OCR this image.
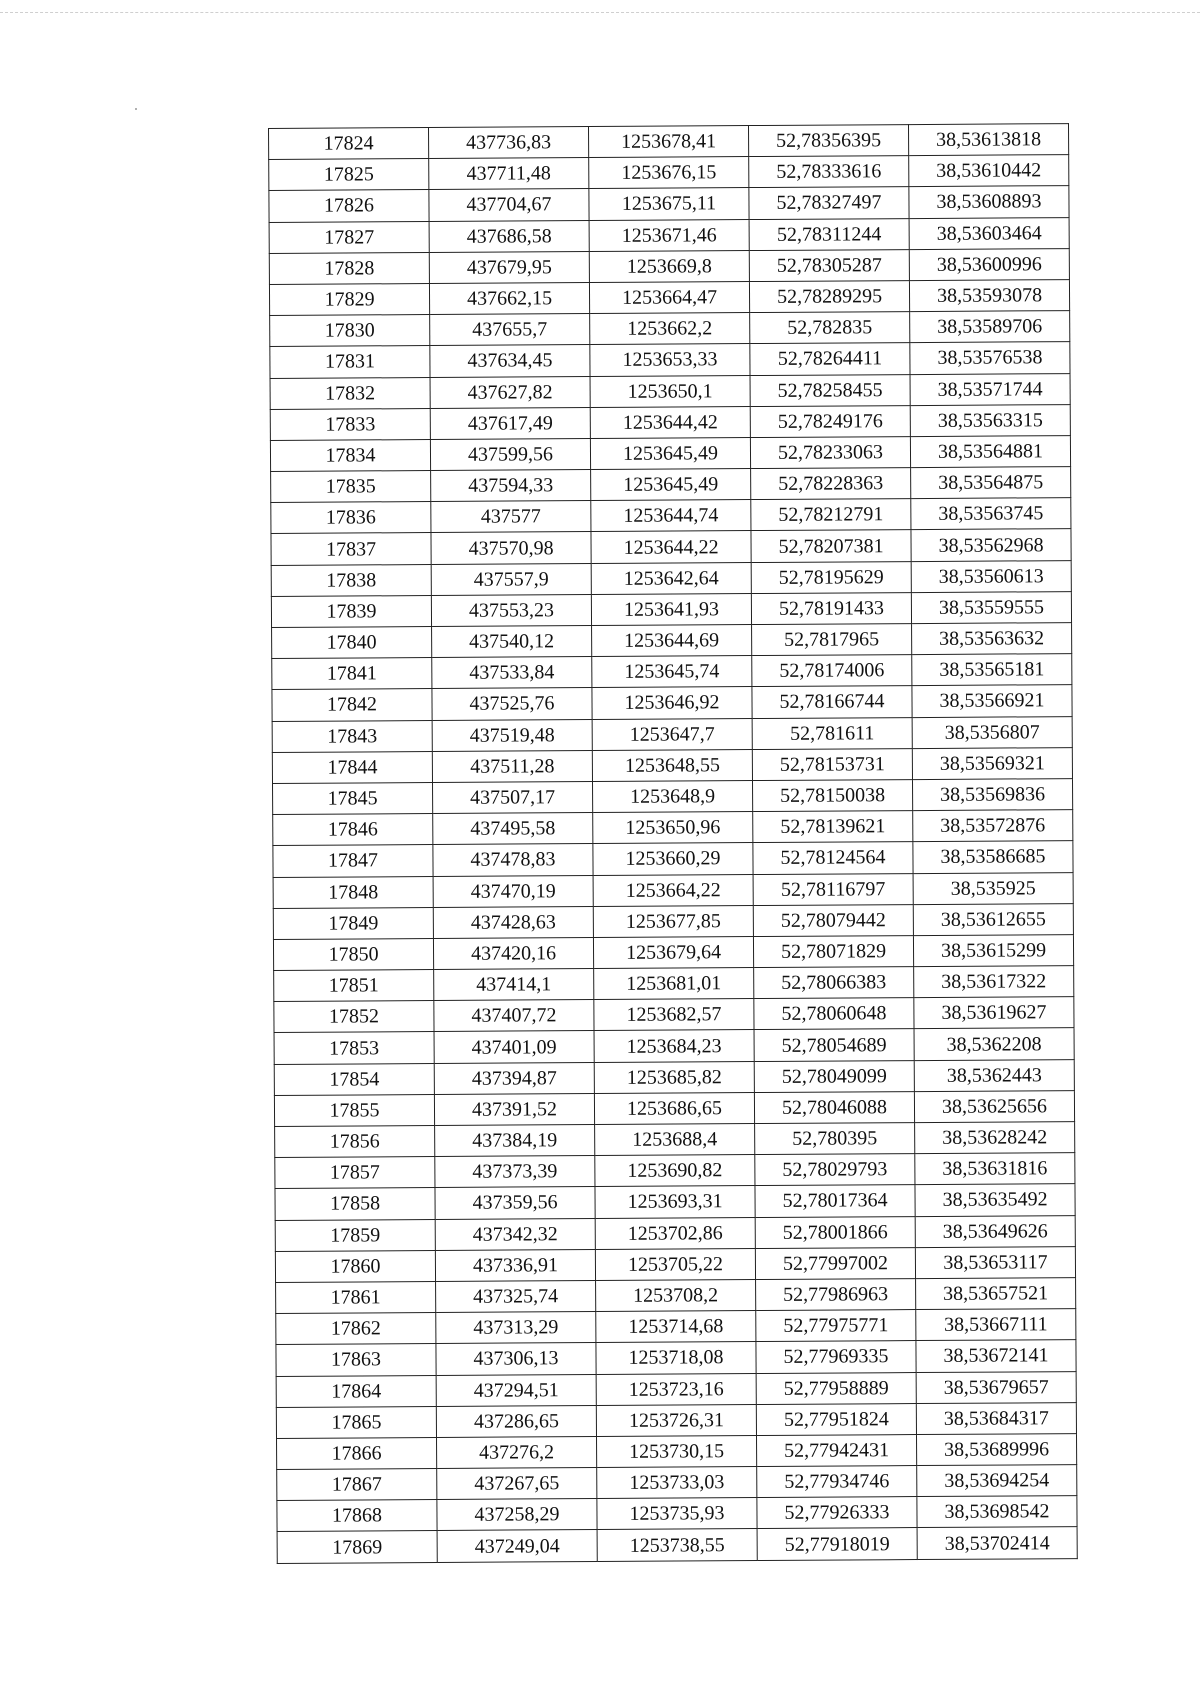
17824	437736,83	1253678,41	52,78356395	38,53613818
17825	437711,48	1253676,15	52,78333616	38,53610442
17826	437704,67	1253675,11	52,78327497	38,53608893
17827	437686,58	1253671,46	52,78311244	38,53603464
17828	437679,95	1253669,8	52,78305287	38,53600996
17829	437662,15	1253664,47	52,78289295	38,53593078
17830	437655,7	1253662,2	52,782835	38,53589706
17831	437634,45	1253653,33	52,78264411	38,53576538
17832	437627,82	1253650,1	52,78258455	38,53571744
17833	437617,49	1253644,42	52,78249176	38,53563315
17834	437599,56	1253645,49	52,78233063	38,53564881
17835	437594,33	1253645,49	52,78228363	38,53564875
17836	437577	1253644,74	52,78212791	38,53563745
17837	437570,98	1253644,22	52,78207381	38,53562968
17838	437557,9	1253642,64	52,78195629	38,53560613
17839	437553,23	1253641,93	52,78191433	38,53559555
17840	437540,12	1253644,69	52,7817965	38,53563632
17841	437533,84	1253645,74	52,78174006	38,53565181
17842	437525,76	1253646,92	52,78166744	38,53566921
17843	437519,48	1253647,7	52,781611	38,5356807
17844	437511,28	1253648,55	52,78153731	38,53569321
17845	437507,17	1253648,9	52,78150038	38,53569836
17846	437495,58	1253650,96	52,78139621	38,53572876
17847	437478,83	1253660,29	52,78124564	38,53586685
17848	437470,19	1253664,22	52,78116797	38,535925
17849	437428,63	1253677,85	52,78079442	38,53612655
17850	437420,16	1253679,64	52,78071829	38,53615299
17851	437414,1	1253681,01	52,78066383	38,53617322
17852	437407,72	1253682,57	52,78060648	38,53619627
17853	437401,09	1253684,23	52,78054689	38,5362208
17854	437394,87	1253685,82	52,78049099	38,5362443
17855	437391,52	1253686,65	52,78046088	38,53625656
17856	437384,19	1253688,4	52,780395	38,53628242
17857	437373,39	1253690,82	52,78029793	38,53631816
17858	437359,56	1253693,31	52,78017364	38,53635492
17859	437342,32	1253702,86	52,78001866	38,53649626
17860	437336,91	1253705,22	52,77997002	38,53653117
17861	437325,74	1253708,2	52,77986963	38,53657521
17862	437313,29	1253714,68	52,77975771	38,53667111
17863	437306,13	1253718,08	52,77969335	38,53672141
17864	437294,51	1253723,16	52,77958889	38,53679657
17865	437286,65	1253726,31	52,77951824	38,53684317
17866	437276,2	1253730,15	52,77942431	38,53689996
17867	437267,65	1253733,03	52,77934746	38,53694254
17868	437258,29	1253735,93	52,77926333	38,53698542
17869	437249,04	1253738,55	52,77918019	38,53702414
